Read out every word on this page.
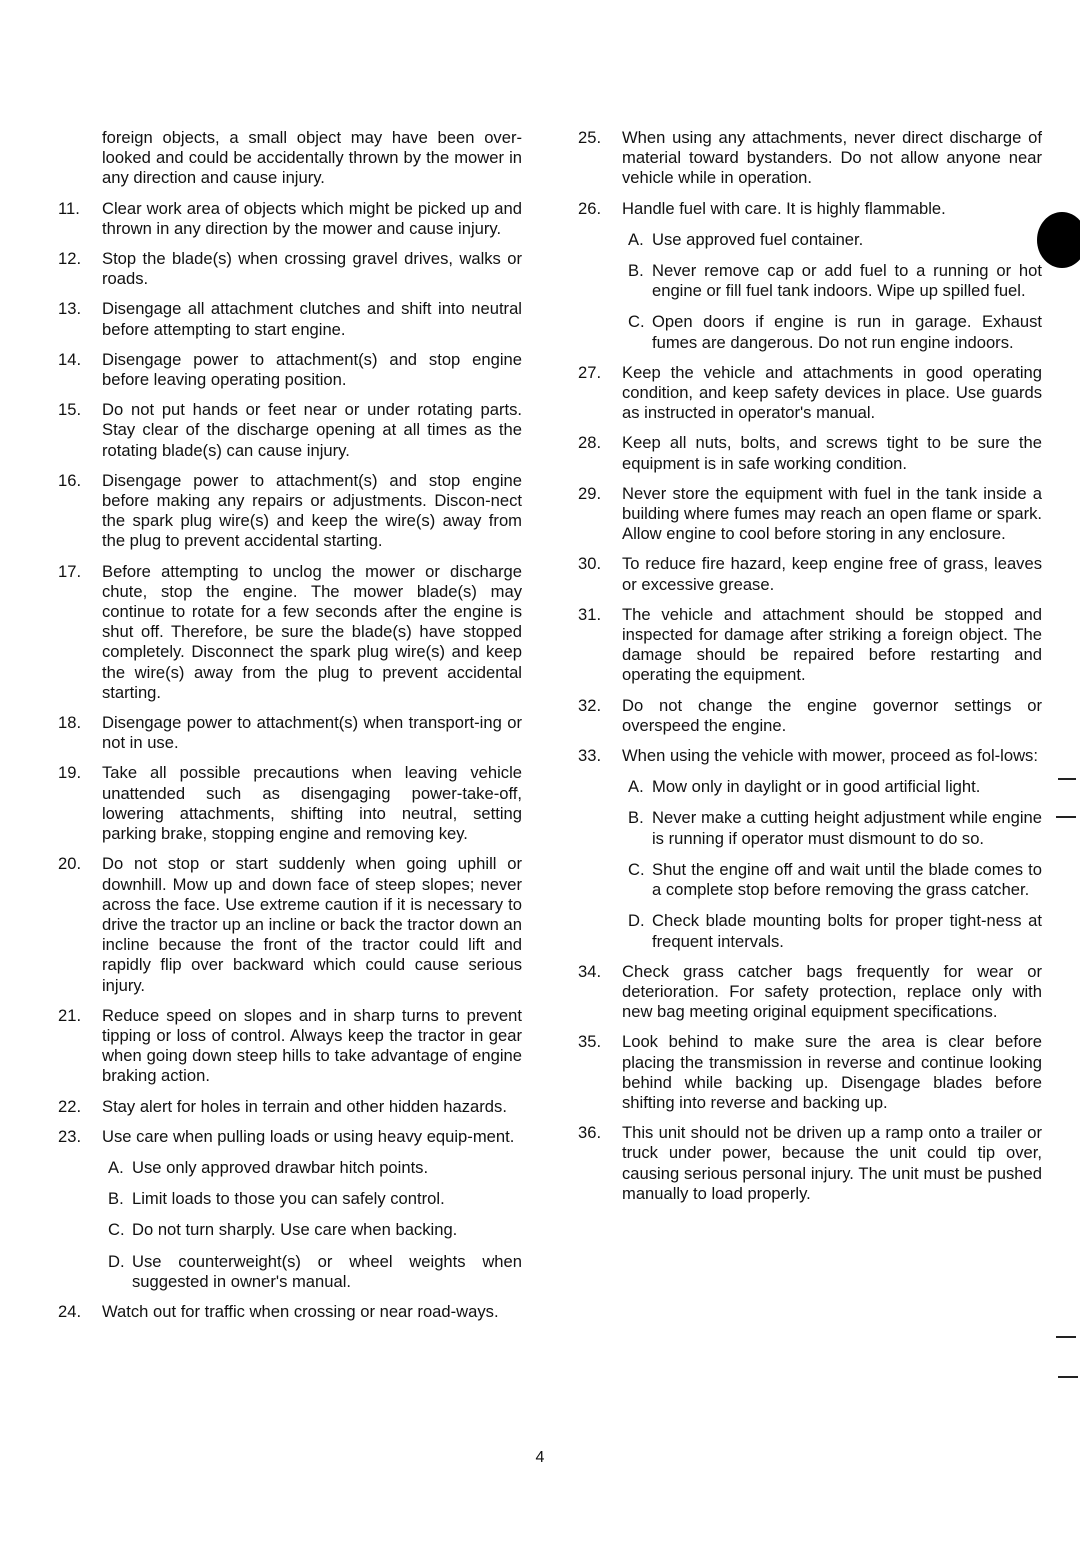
foreign objects, a small object may have been over-looked and could be accidentally thrown by the mower in any direction and cause injury.
11.	Clear work area of objects which might be picked up and thrown in any direction by the mower and cause injury.
12.	Stop the blade(s) when crossing gravel drives, walks or roads.
13.	Disengage all attachment clutches and shift into neutral before attempting to start engine.
14.	Disengage power to attachment(s) and stop engine before leaving operating position.
15.	Do not put hands or feet near or under rotating parts. Stay clear of the discharge opening at all times as the rotating blade(s) can cause injury.
16.	Disengage power to attachment(s) and stop engine before making any repairs or adjustments. Discon-nect the spark plug wire(s) and keep the wire(s) away from the plug to prevent accidental starting.
17.	Before attempting to unclog the mower or discharge chute, stop the engine. The mower blade(s) may continue to rotate for a few seconds after the engine is shut off. Therefore, be sure the blade(s) have stopped completely. Disconnect the spark plug wire(s) and keep the wire(s) away from the plug to prevent accidental starting.
18.	Disengage power to attachment(s) when transport-ing or not in use.
19.	Take all possible precautions when leaving vehicle unattended such as disengaging power-take-off, lowering attachments, shifting into neutral, setting parking brake, stopping engine and removing key.
20.	Do not stop or start suddenly when going uphill or downhill. Mow up and down face of steep slopes; never across the face. Use extreme caution if it is necessary to drive the tractor up an incline or back the tractor down an incline because the front of the tractor could lift and rapidly flip over backward which could cause serious injury.
21.	Reduce speed on slopes and in sharp turns to prevent tipping or loss of control. Always keep the tractor in gear when going down steep hills to take advantage of engine braking action.
22.	Stay alert for holes in terrain and other hidden hazards.
23.	Use care when pulling loads or using heavy equip-ment.
A. Use only approved drawbar hitch points.
B. Limit loads to those you can safely control.
C. Do not turn sharply. Use care when backing.
D. Use counterweight(s) or wheel weights when suggested in owner's manual.
24.	Watch out for traffic when crossing or near road-ways.
25.	When using any attachments, never direct discharge of material toward bystanders. Do not allow anyone near vehicle while in operation.
26.	Handle fuel with care. It is highly flammable.
A. Use approved fuel container.
B. Never remove cap or add fuel to a running or hot engine or fill fuel tank indoors. Wipe up spilled fuel.
C. Open doors if engine is run in garage. Exhaust fumes are dangerous. Do not run engine indoors.
27.	Keep the vehicle and attachments in good operating condition, and keep safety devices in place. Use guards as instructed in operator's manual.
28.	Keep all nuts, bolts, and screws tight to be sure the equipment is in safe working condition.
29.	Never store the equipment with fuel in the tank inside a building where fumes may reach an open flame or spark. Allow engine to cool before storing in any enclosure.
30.	To reduce fire hazard, keep engine free of grass, leaves or excessive grease.
31.	The vehicle and attachment should be stopped and inspected for damage after striking a foreign object. The damage should be repaired before restarting and operating the equipment.
32.	Do not change the engine governor settings or overspeed the engine.
33.	When using the vehicle with mower, proceed as fol-lows:
A. Mow only in daylight or in good artificial light.
B. Never make a cutting height adjustment while engine is running if operator must dismount to do so.
C. Shut the engine off and wait until the blade comes to a complete stop before removing the grass catcher.
D. Check blade mounting bolts for proper tight-ness at frequent intervals.
34.	Check grass catcher bags frequently for wear or deterioration. For safety protection, replace only with new bag meeting original equipment specifications.
35.	Look behind to make sure the area is clear before placing the transmission in reverse and continue looking behind while backing up. Disengage blades before shifting into reverse and backing up.
36.	This unit should not be driven up a ramp onto a trailer or truck under power, because the unit could tip over, causing serious personal injury. The unit must be pushed manually to load properly.
4
